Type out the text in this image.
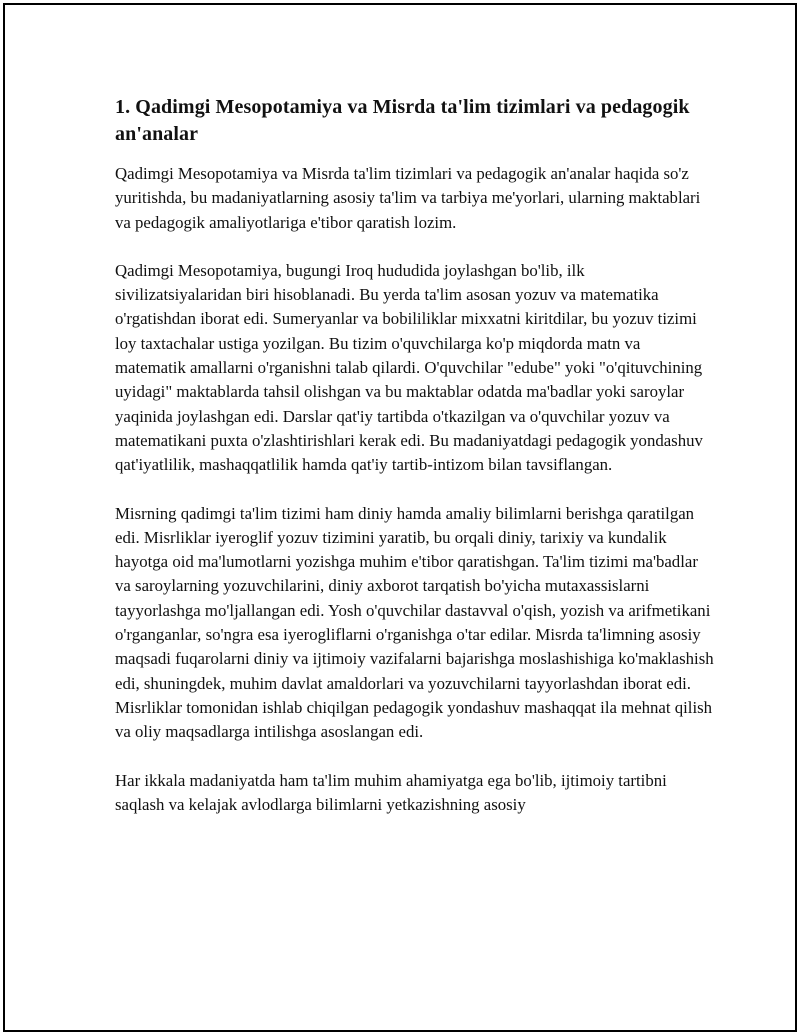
1. Qadimgi Mesopotamiya va Misrda ta'lim tizimlari va pedagogik an'analar

Qadimgi Mesopotamiya va Misrda ta'lim tizimlari va pedagogik an'analar haqida so'z yuritishda, bu madaniyatlarning asosiy ta'lim va tarbiya me'yorlari, ularning maktablari va pedagogik amaliyotlariga e'tibor qaratish lozim.

Qadimgi Mesopotamiya, bugungi Iroq hududida joylashgan bo'lib, ilk sivilizatsiyalaridan biri hisoblanadi. Bu yerda ta'lim asosan yozuv va matematika o'rgatishdan iborat edi. Sumeryanlar va bobililiklar mixxatni kiritdilar, bu yozuv tizimi loy taxtachalar ustiga yozilgan. Bu tizim o'quvchilarga ko'p miqdorda matn va matematik amallarni o'rganishni talab qilardi. O'quvchilar "edube" yoki "o'qituvchining uyidagi" maktablarda tahsil olishgan va bu maktablar odatda ma'badlar yoki saroylar yaqinida joylashgan edi. Darslar qat'iy tartibda o'tkazilgan va o'quvchilar yozuv va matematikani puxta o'zlashtirishlari kerak edi. Bu madaniyatdagi pedagogik yondashuv qat'iyatlilik, mashaqqatlilik hamda qat'iy tartib-intizom bilan tavsiflangan.

Misrning qadimgi ta'lim tizimi ham diniy hamda amaliy bilimlarni berishga qaratilgan edi. Misrliklar iyeroglif yozuv tizimini yaratib, bu orqali diniy, tarixiy va kundalik hayotga oid ma'lumotlarni yozishga muhim e'tibor qaratishgan. Ta'lim tizimi ma'badlar va saroylarning yozuvchilarini, diniy axborot tarqatish bo'yicha mutaxassislarni tayyorlashga mo'ljallangan edi. Yosh o'quvchilar dastavval o'qish, yozish va arifmetikani o'rganganlar, so'ngra esa iyerogliflarni o'rganishga o'tar edilar. Misrda ta'limning asosiy maqsadi fuqarolarni diniy va ijtimoiy vazifalarni bajarishga moslashishiga ko'maklashish edi, shuningdek, muhim davlat amaldorlari va yozuvchilarni tayyorlashdan iborat edi. Misrliklar tomonidan ishlab chiqilgan pedagogik yondashuv mashaqqat ila mehnat qilish va oliy maqsadlarga intilishga asoslangan edi.

Har ikkala madaniyatda ham ta'lim muhim ahamiyatga ega bo'lib, ijtimoiy tartibni saqlash va kelajak avlodlarga bilimlarni yetkazishning asosiy
